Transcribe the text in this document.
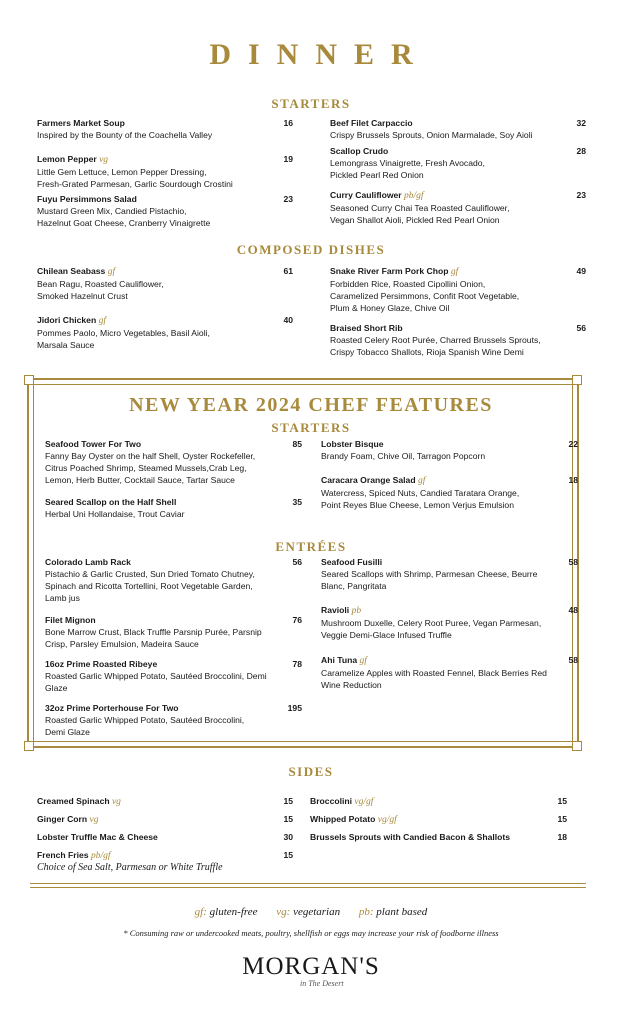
DINNER
STARTERS
Farmers Market Soup	16
Inspired by the Bounty of the Coachella Valley
Lemon Pepper vg	19
Little Gem Lettuce, Lemon Pepper Dressing,
Fresh-Grated Parmesan, Garlic Sourdough Crostini
Fuyu Persimmons Salad	23
Mustard Green Mix, Candied Pistachio,
Hazelnut Goat Cheese, Cranberry Vinaigrette
Beef Filet Carpaccio	32
Crispy Brussels Sprouts, Onion Marmalade, Soy Aioli
Scallop Crudo	28
Lemongrass Vinaigrette, Fresh Avocado,
Pickled Pearl Red Onion
Curry Cauliflower pb/gf	23
Seasoned Curry Chai Tea Roasted Cauliflower,
Vegan Shallot Aioli, Pickled Red Pearl Onion
COMPOSED DISHES
Chilean Seabass gf	61
Bean Ragu, Roasted Cauliflower,
Smoked Hazelnut Crust
Jidori Chicken gf	40
Pommes Paolo, Micro Vegetables, Basil Aioli,
Marsala Sauce
Snake River Farm Pork Chop gf	49
Forbidden Rice, Roasted Cipollini Onion,
Caramelized Persimmons, Confit Root Vegetable,
Plum & Honey Glaze, Chive Oil
Braised Short Rib	56
Roasted Celery Root Purée, Charred Brussels Sprouts,
Crispy Tobacco Shallots, Rioja Spanish Wine Demi
NEW YEAR 2024 CHEF FEATURES
STARTERS
Seafood Tower For Two	85
Fanny Bay Oyster on the half Shell, Oyster Rockefeller,
Citrus Poached Shrimp, Steamed Mussels,Crab Leg,
Lemon, Herb Butter, Cocktail Sauce, Tartar Sauce
Seared Scallop on the Half Shell	35
Herbal Uni Hollandaise, Trout Caviar
Lobster Bisque	22
Brandy Foam, Chive Oil, Tarragon Popcorn
Caracara Orange Salad gf	18
Watercress, Spiced Nuts, Candied Taratara Orange,
Point Reyes Blue Cheese, Lemon Verjus Emulsion
ENTRÉES
Colorado Lamb Rack	56
Pistachio & Garlic Crusted, Sun Dried Tomato Chutney,
Spinach and Ricotta Tortellini, Root Vegetable Garden,
Lamb jus
Filet Mignon	76
Bone Marrow Crust, Black Truffle Parsnip Purée, Parsnip
Crisp, Parsley Emulsion, Madeira Sauce
16oz Prime Roasted Ribeye	78
Roasted Garlic Whipped Potato, Sautéed Broccolini, Demi
Glaze
32oz Prime Porterhouse For Two	195
Roasted Garlic Whipped Potato, Sautéed Broccolini,
Demi Glaze
Seafood Fusilli	58
Seared Scallops with Shrimp, Parmesan Cheese, Beurre
Blanc, Pangritata
Ravioli pb	48
Mushroom Duxelle, Celery Root Puree, Vegan Parmesan,
Veggie Demi-Glace Infused Truffle
Ahi Tuna gf	58
Caramelize Apples with Roasted Fennel, Black Berries Red
Wine Reduction
SIDES
Creamed Spinach vg	15
Ginger Corn vg	15
Lobster Truffle Mac & Cheese	30
French Fries pb/gf	15
Choice of Sea Salt, Parmesan or White Truffle
Broccolini vg/gf	15
Whipped Potato vg/gf	15
Brussels Sprouts with Candied Bacon & Shallots	18
gf: gluten-free vg: vegetarian pb: plant based
* Consuming raw or undercooked meats, poultry, shellfish or eggs may increase your risk of foodborne illness
MORGAN'S
in The Desert
